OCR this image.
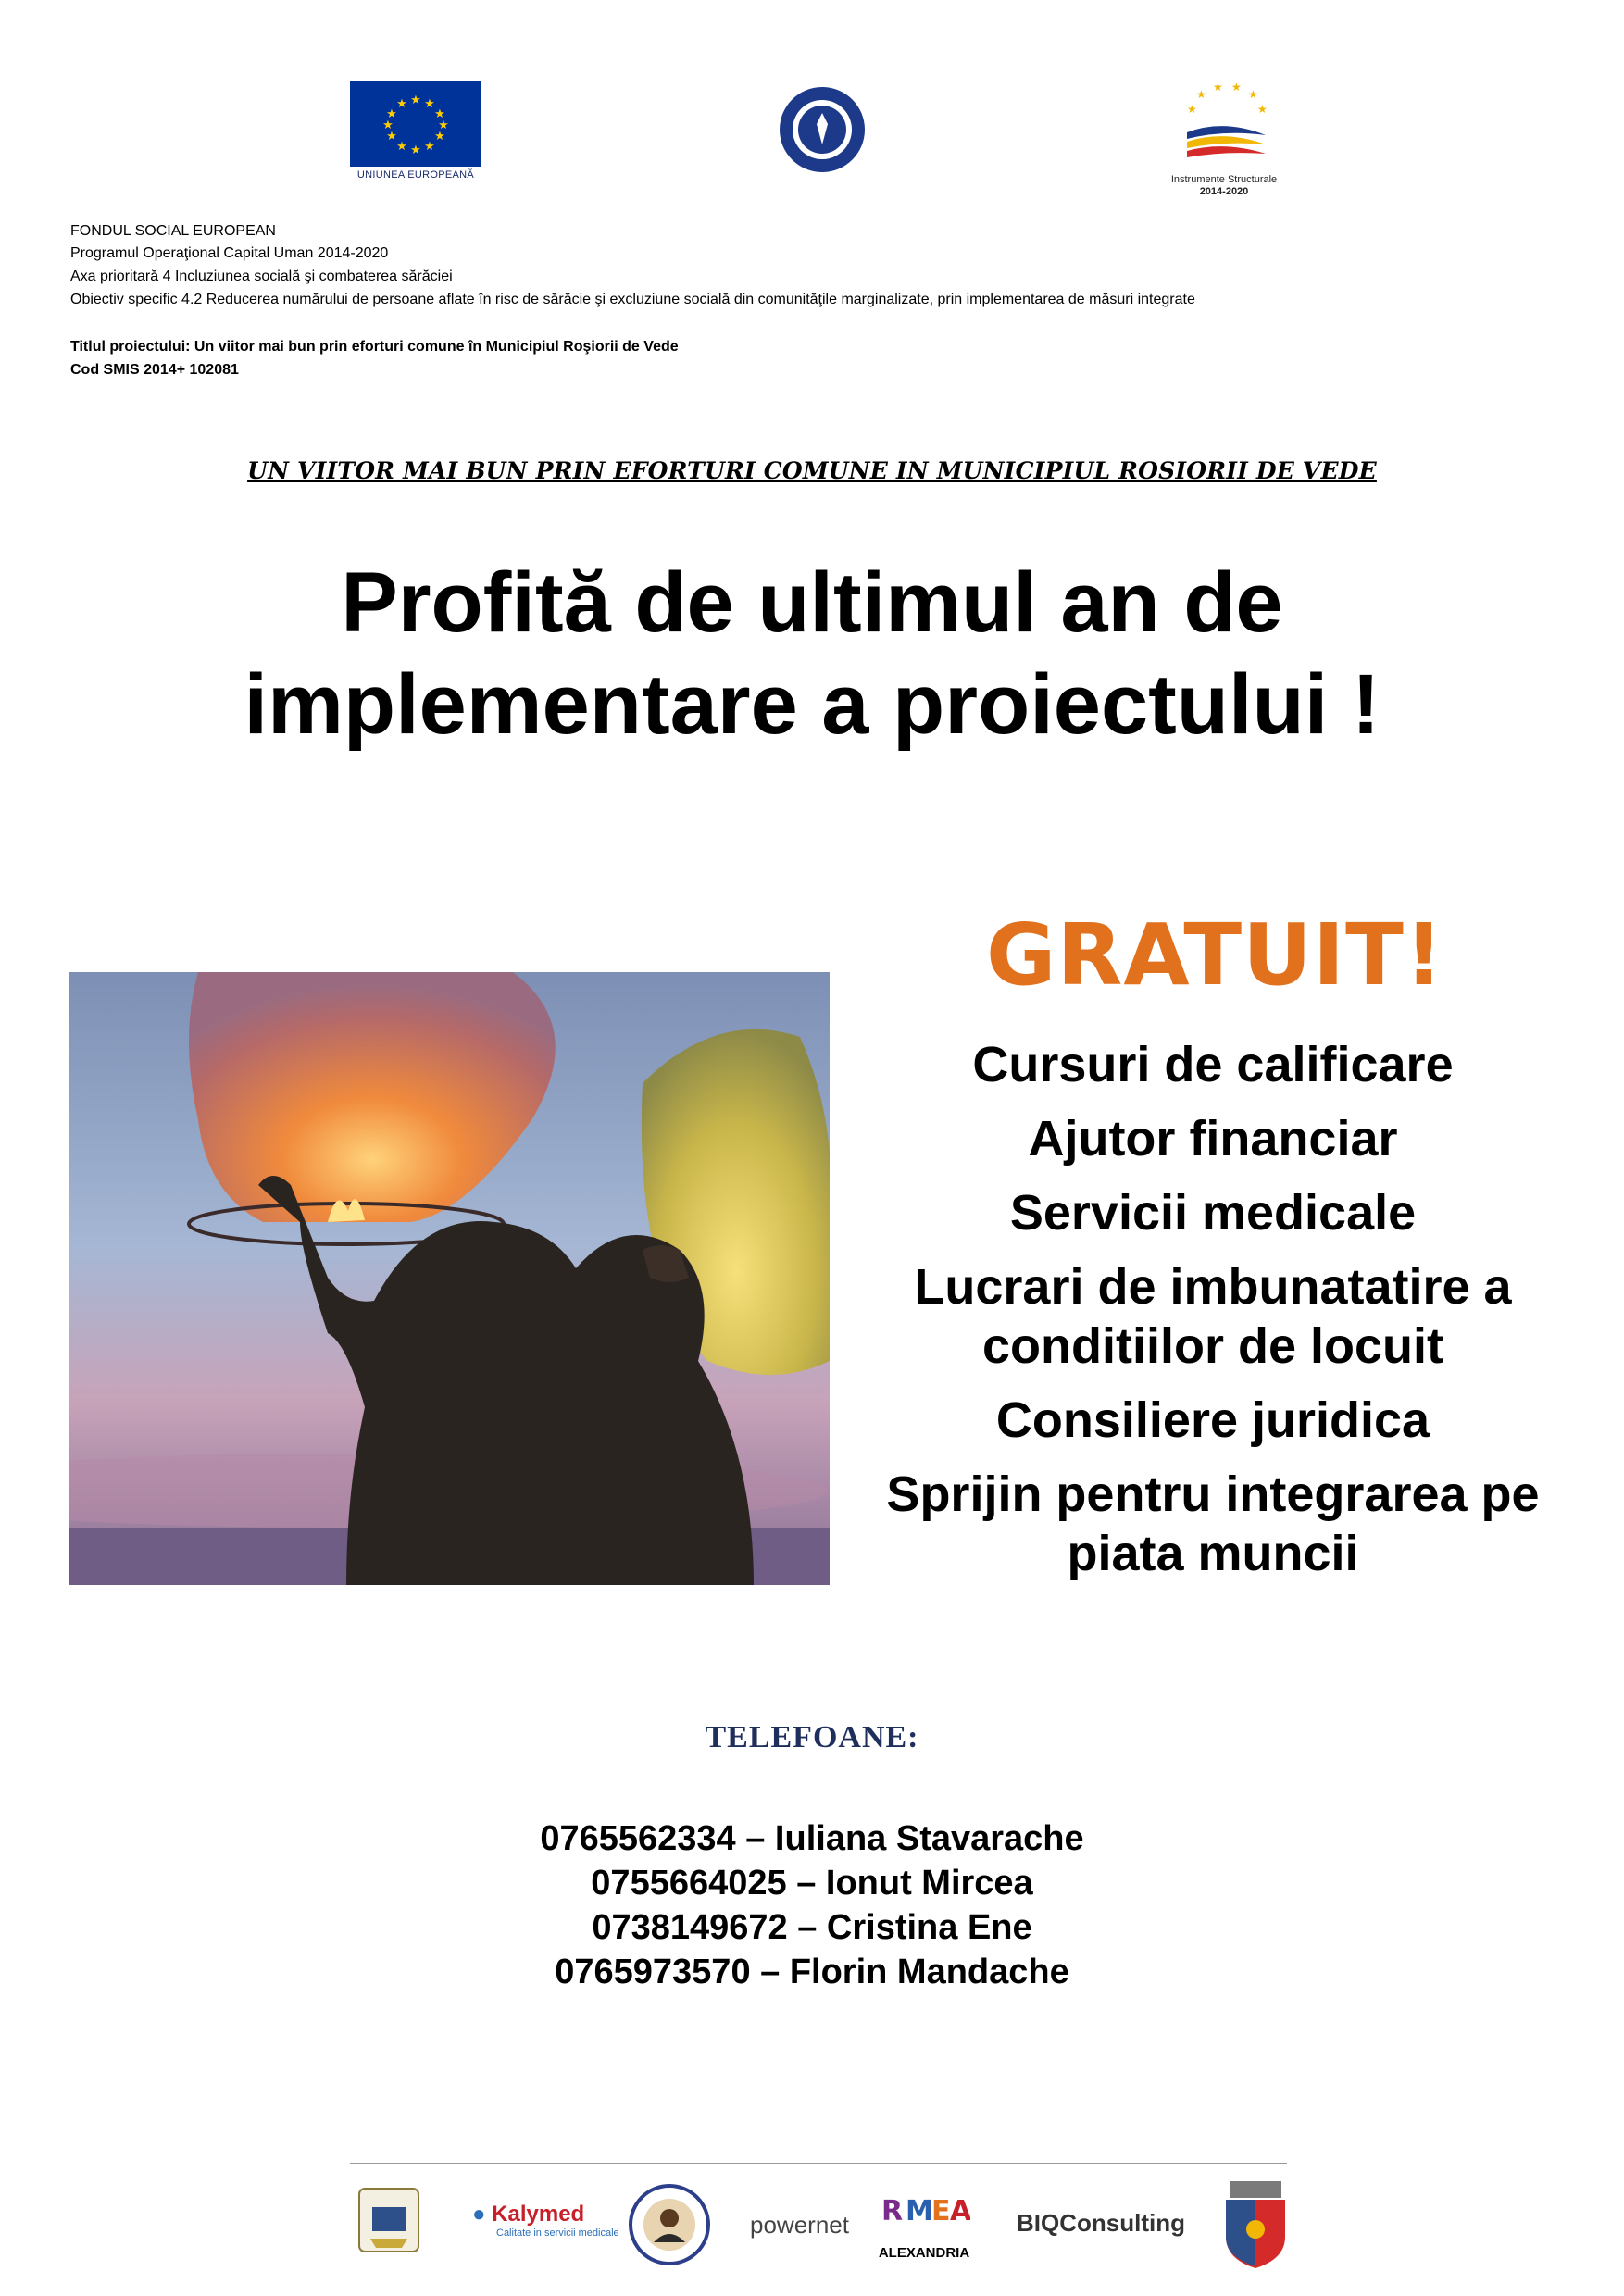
★ ★
★
★
★
★
★
★
★
★
★
★
UNIUNEA EUROPEANĂ
★
★ ★
★
★
★
Instrumente Structurale
2014-2020
FONDUL SOCIAL EUROPEAN
Programul Operaţional Capital Uman 2014-2020
Axa prioritară 4 Incluziunea socială şi combaterea sărăciei
Obiectiv specific 4.2 Reducerea numărului de persoane aflate în risc de sărăcie şi excluziune socială din comunităţile marginalizate, prin implementarea de măsuri integrate
Titlul proiectului: Un viitor mai bun prin eforturi comune în Municipiul Roşiorii de Vede
Cod SMIS 2014+ 102081
UN VIITOR MAI BUN PRIN EFORTURI COMUNE IN MUNICIPIUL ROSIORII DE VEDE
Profită de ultimul an de
implementare a proiectului !
GRATUIT!
Cursuri de calificare
Ajutor financiar
Servicii medicale
Lucrari de imbunatatire a conditiilor de locuit
Consiliere juridica
Sprijin pentru integrarea pe piata muncii
TELEFOANE:
0765562334 – Iuliana Stavarache
0755664025 – Ionut Mircea
0738149672 – Cristina Ene
0765973570 – Florin Mandache
● Kalymed
Calitate in servicii medicale	powernet R M
E A
ALEXANDRIA
BIQConsulting
